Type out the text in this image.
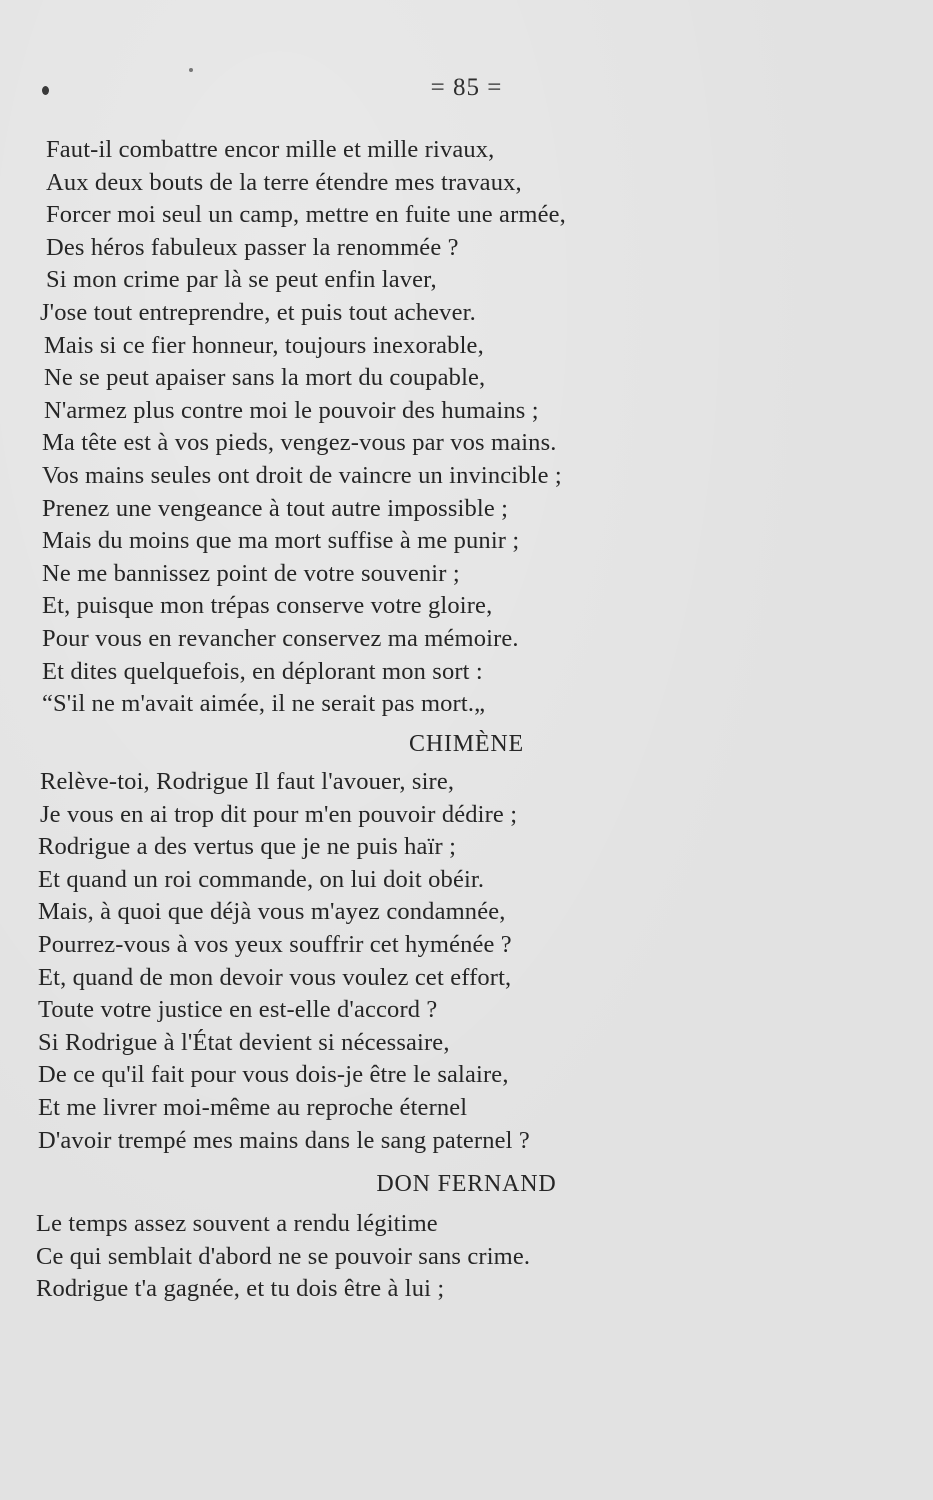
= 85 =
Faut-il combattre encor mille et mille rivaux,
Aux deux bouts de la terre étendre mes travaux,
Forcer moi seul un camp, mettre en fuite une armée,
Des héros fabuleux passer la renommée ?
Si mon crime par là se peut enfin laver,
J'ose tout entreprendre, et puis tout achever.
Mais si ce fier honneur, toujours inexorable,
Ne se peut apaiser sans la mort du coupable,
N'armez plus contre moi le pouvoir des humains ;
Ma tête est à vos pieds, vengez-vous par vos mains.
Vos mains seules ont droit de vaincre un invincible ;
Prenez une vengeance à tout autre impossible ;
Mais du moins que ma mort suffise à me punir ;
Ne me bannissez point de votre souvenir ;
Et, puisque mon trépas conserve votre gloire,
Pour vous en revancher conservez ma mémoire.
Et dites quelquefois, en déplorant mon sort :
“S'il ne m'avait aimée, il ne serait pas mort.„
CHIMÈNE
Relève-toi, Rodrigue Il faut l'avouer, sire,
Je vous en ai trop dit pour m'en pouvoir dédire ;
Rodrigue a des vertus que je ne puis haïr ;
Et quand un roi commande, on lui doit obéir.
Mais, à quoi que déjà vous m'ayez condamnée,
Pourrez-vous à vos yeux souffrir cet hyménée ?
Et, quand de mon devoir vous voulez cet effort,
Toute votre justice en est-elle d'accord ?
Si Rodrigue à l'État devient si nécessaire,
De ce qu'il fait pour vous dois-je être le salaire,
Et me livrer moi-même au reproche éternel
D'avoir trempé mes mains dans le sang paternel ?
DON FERNAND
Le temps assez souvent a rendu légitime
Ce qui semblait d'abord ne se pouvoir sans crime.
Rodrigue t'a gagnée, et tu dois être à lui ;
